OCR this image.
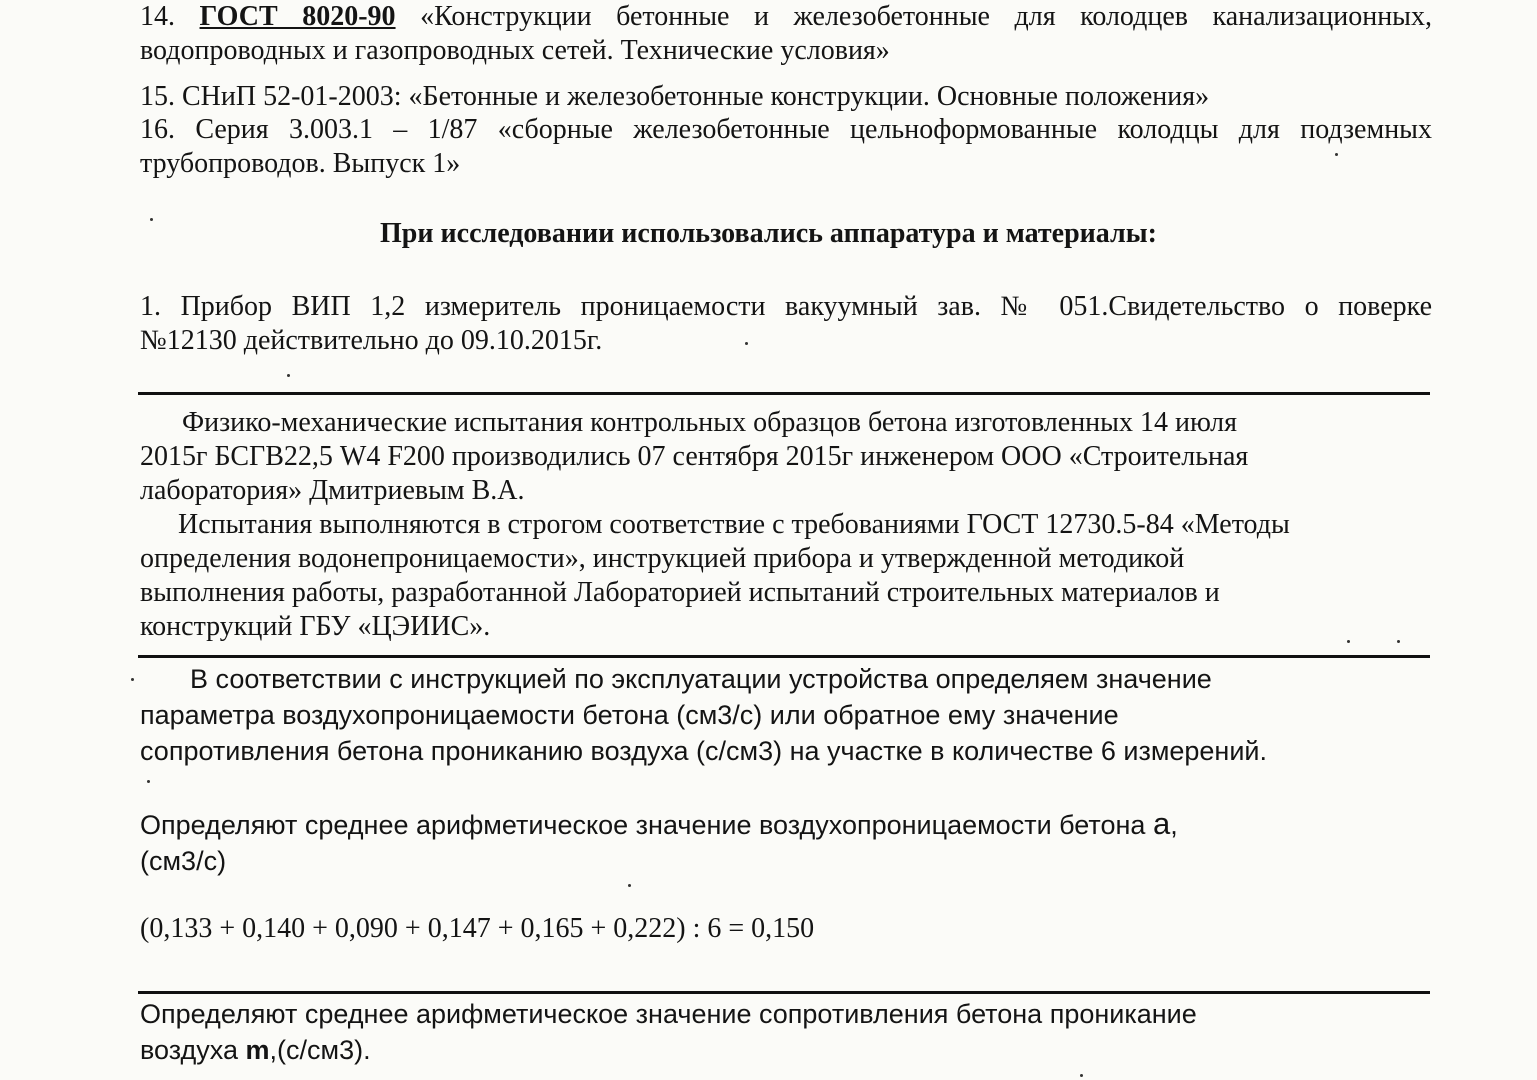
14. ГОСТ 8020-90 «Конструкции бетонные и железобетонные для колодцев канализационных,
водопроводных и газопроводных сетей. Технические условия»
15. СНиП 52-01-2003: «Бетонные и железобетонные конструкции. Основные положения»
16. Серия 3.003.1 – 1/87 «сборные железобетонные цельноформованные колодцы для подземных
трубопроводов. Выпуск 1»
При исследовании использовались аппаратура и материалы:
1. Прибор ВИП 1,2 измеритель проницаемости вакуумный зав. № 051.Свидетельство о поверке
№12130 действительно до 09.10.2015г.
Физико-механические испытания контрольных образцов бетона изготовленных 14 июля
2015г БСГВ22,5 W4 F200 производились 07 сентября 2015г инженером ООО «Строительная
лаборатория» Дмитриевым В.А.
Испытания выполняются в строгом соответствие с требованиями ГОСТ 12730.5-84 «Методы
определения водонепроницаемости», инструкцией прибора и утвержденной методикой
выполнения работы, разработанной Лабораторией испытаний строительных материалов и
конструкций ГБУ «ЦЭИИС».
В соответствии с инструкцией по эксплуатации устройства определяем значение
параметра воздухопроницаемости бетона (см3/с) или обратное ему значение
сопротивления бетона прониканию воздуха (с/см3) на участке в количестве 6 измерений.
Определяют среднее арифметическое значение воздухопроницаемости бетона а,
(см3/с)
(0,133 + 0,140 + 0,090 + 0,147 + 0,165 + 0,222) : 6 = 0,150
Определяют среднее арифметическое значение сопротивления бетона проникание
воздуха m,(с/см3).
